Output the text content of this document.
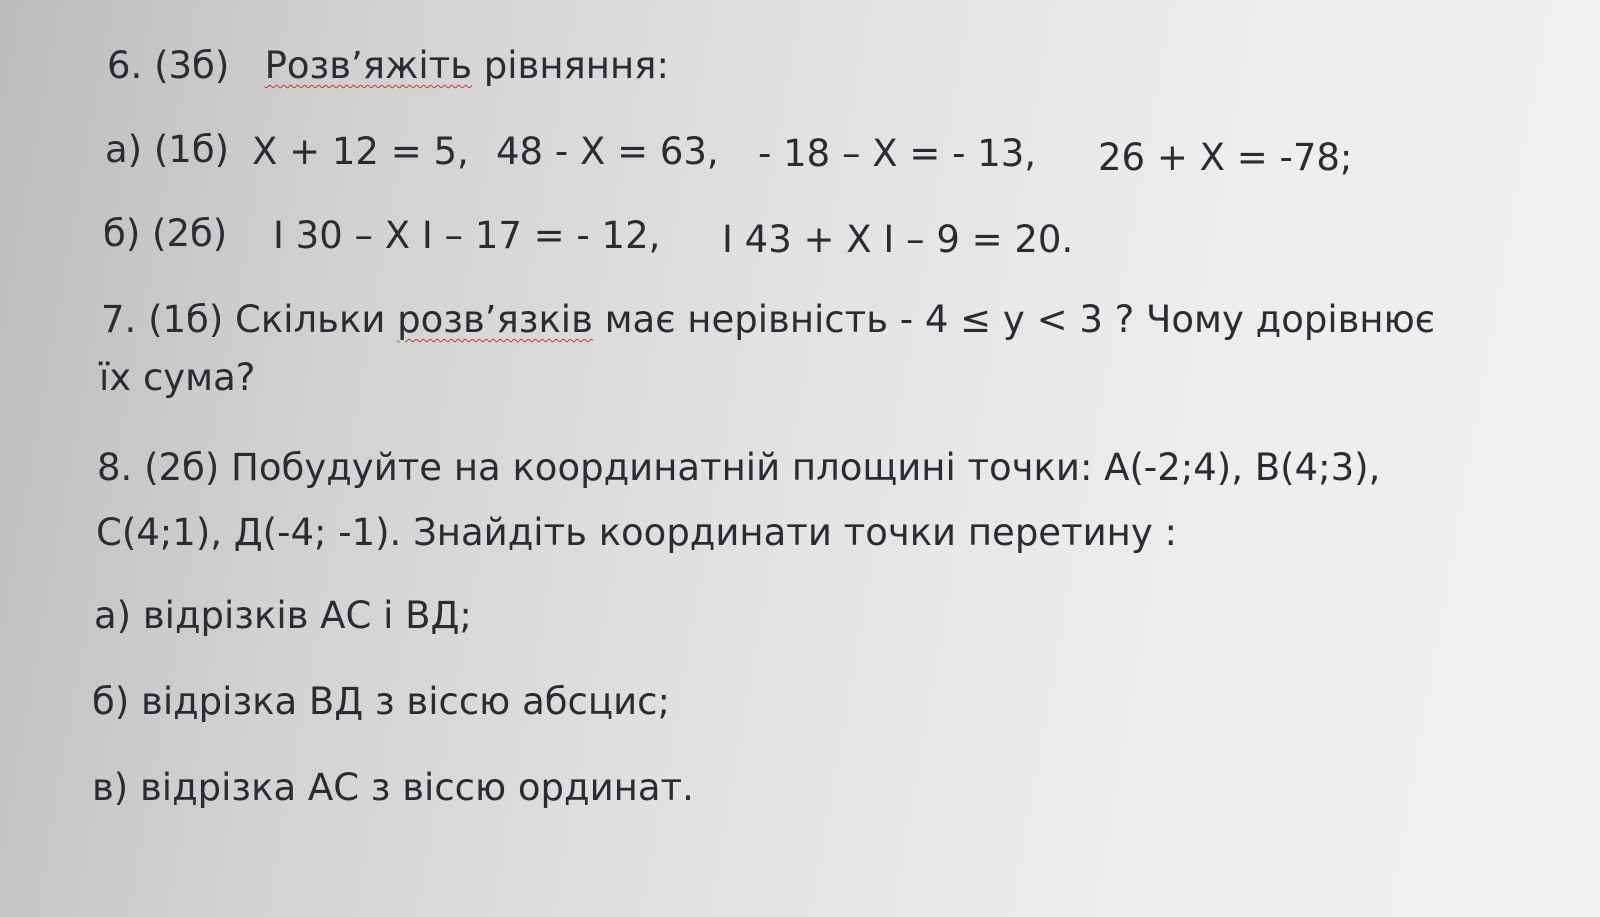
6. (3б) Розв’яжіть рівняння:
а) (1б) Х + 12 = 5, 48 - Х = 63, - 18 – Х = - 13, 26 + Х = -78;
б) (2б) I 30 – Х I – 17 = - 12, I 43 + Х I – 9 = 20.
7. (1б) Скільки розв’язків має нерівність - 4 ≤ у < 3 ? Чому дорівнює
їх сума?
8. (2б) Побудуйте на координатній площині точки: А(-2;4), В(4;3),
С(4;1), Д(-4; -1). Знайдіть координати точки перетину :
а) відрізків АС і ВД;
б) відрізка ВД з віссю абсцис;
в) відрізка АС з віссю ординат.
